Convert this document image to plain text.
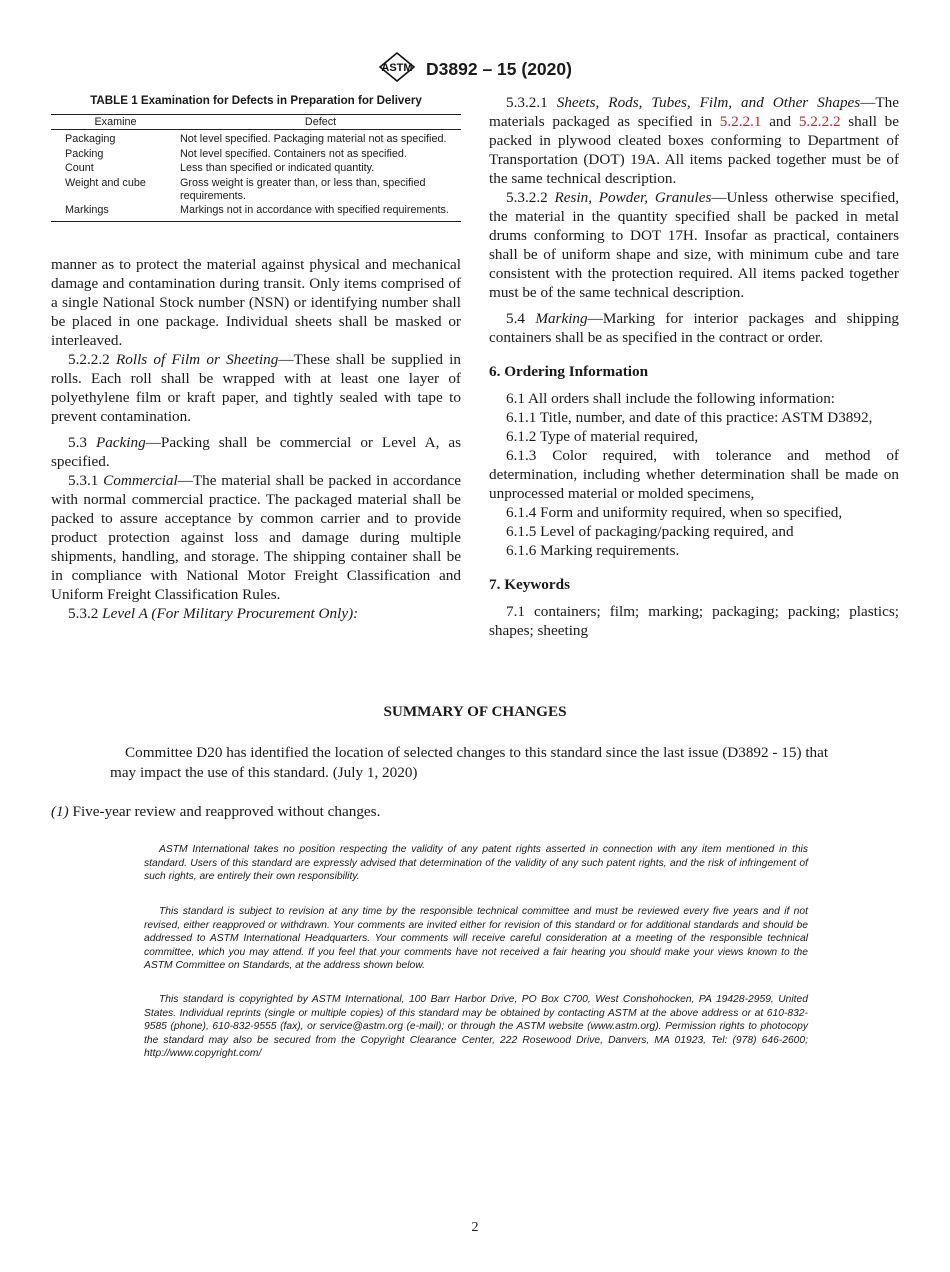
ASTM D3892 – 15 (2020)
TABLE 1 Examination for Defects in Preparation for Delivery
Examine	Defect
Packaging	Not level specified. Packaging material not as specified.
Packing	Not level specified. Containers not as specified.
Count	Less than specified or indicated quantity.
Weight and cube	Gross weight is greater than, or less than, specified requirements.
Markings	Markings not in accordance with specified requirements.

manner as to protect the material against physical and mechanical damage and contamination during transit. Only items comprised of a single National Stock number (NSN) or identifying number shall be placed in one package. Individual sheets shall be masked or interleaved.

5.2.2.2 Rolls of Film or Sheeting—These shall be supplied in rolls. Each roll shall be wrapped with at least one layer of polyethylene film or kraft paper, and tightly sealed with tape to prevent contamination.

5.3 Packing—Packing shall be commercial or Level A, as specified.

5.3.1 Commercial—The material shall be packed in accordance with normal commercial practice. The packaged material shall be packed to assure acceptance by common carrier and to provide product protection against loss and damage during multiple shipments, handling, and storage. The shipping container shall be in compliance with National Motor Freight Classification and Uniform Freight Classification Rules.

5.3.2 Level A (For Military Procurement Only):

5.3.2.1 Sheets, Rods, Tubes, Film, and Other Shapes—The materials packaged as specified in 5.2.2.1 and 5.2.2.2 shall be packed in plywood cleated boxes conforming to Department of Transportation (DOT) 19A. All items packed together must be of the same technical description.

5.3.2.2 Resin, Powder, Granules—Unless otherwise specified, the material in the quantity specified shall be packed in metal drums conforming to DOT 17H. Insofar as practical, containers shall be of uniform shape and size, with minimum cube and tare consistent with the protection required. All items packed together must be of the same technical description.

5.4 Marking—Marking for interior packages and shipping containers shall be as specified in the contract or order.

6. Ordering Information

6.1 All orders shall include the following information:

6.1.1 Title, number, and date of this practice: ASTM D3892,

6.1.2 Type of material required,

6.1.3 Color required, with tolerance and method of determination, including whether determination shall be made on unprocessed material or molded specimens,

6.1.4 Form and uniformity required, when so specified,

6.1.5 Level of packaging/packing required, and

6.1.6 Marking requirements.

7. Keywords

7.1 containers; film; marking; packaging; packing; plastics; shapes; sheeting

SUMMARY OF CHANGES

Committee D20 has identified the location of selected changes to this standard since the last issue (D3892 - 15) that may impact the use of this standard. (July 1, 2020)

(1) Five-year review and reapproved without changes.

ASTM International takes no position respecting the validity of any patent rights asserted in connection with any item mentioned in this standard. Users of this standard are expressly advised that determination of the validity of any such patent rights, and the risk of infringement of such rights, are entirely their own responsibility.

This standard is subject to revision at any time by the responsible technical committee and must be reviewed every five years and if not revised, either reapproved or withdrawn. Your comments are invited either for revision of this standard or for additional standards and should be addressed to ASTM International Headquarters. Your comments will receive careful consideration at a meeting of the responsible technical committee, which you may attend. If you feel that your comments have not received a fair hearing you should make your views known to the ASTM Committee on Standards, at the address shown below.

This standard is copyrighted by ASTM International, 100 Barr Harbor Drive, PO Box C700, West Conshohocken, PA 19428-2959, United States. Individual reprints (single or multiple copies) of this standard may be obtained by contacting ASTM at the above address or at 610-832-9585 (phone), 610-832-9555 (fax), or service@astm.org (e-mail); or through the ASTM website (www.astm.org). Permission rights to photocopy the standard may also be secured from the Copyright Clearance Center, 222 Rosewood Drive, Danvers, MA 01923, Tel: (978) 646-2600; http://www.copyright.com/

2
